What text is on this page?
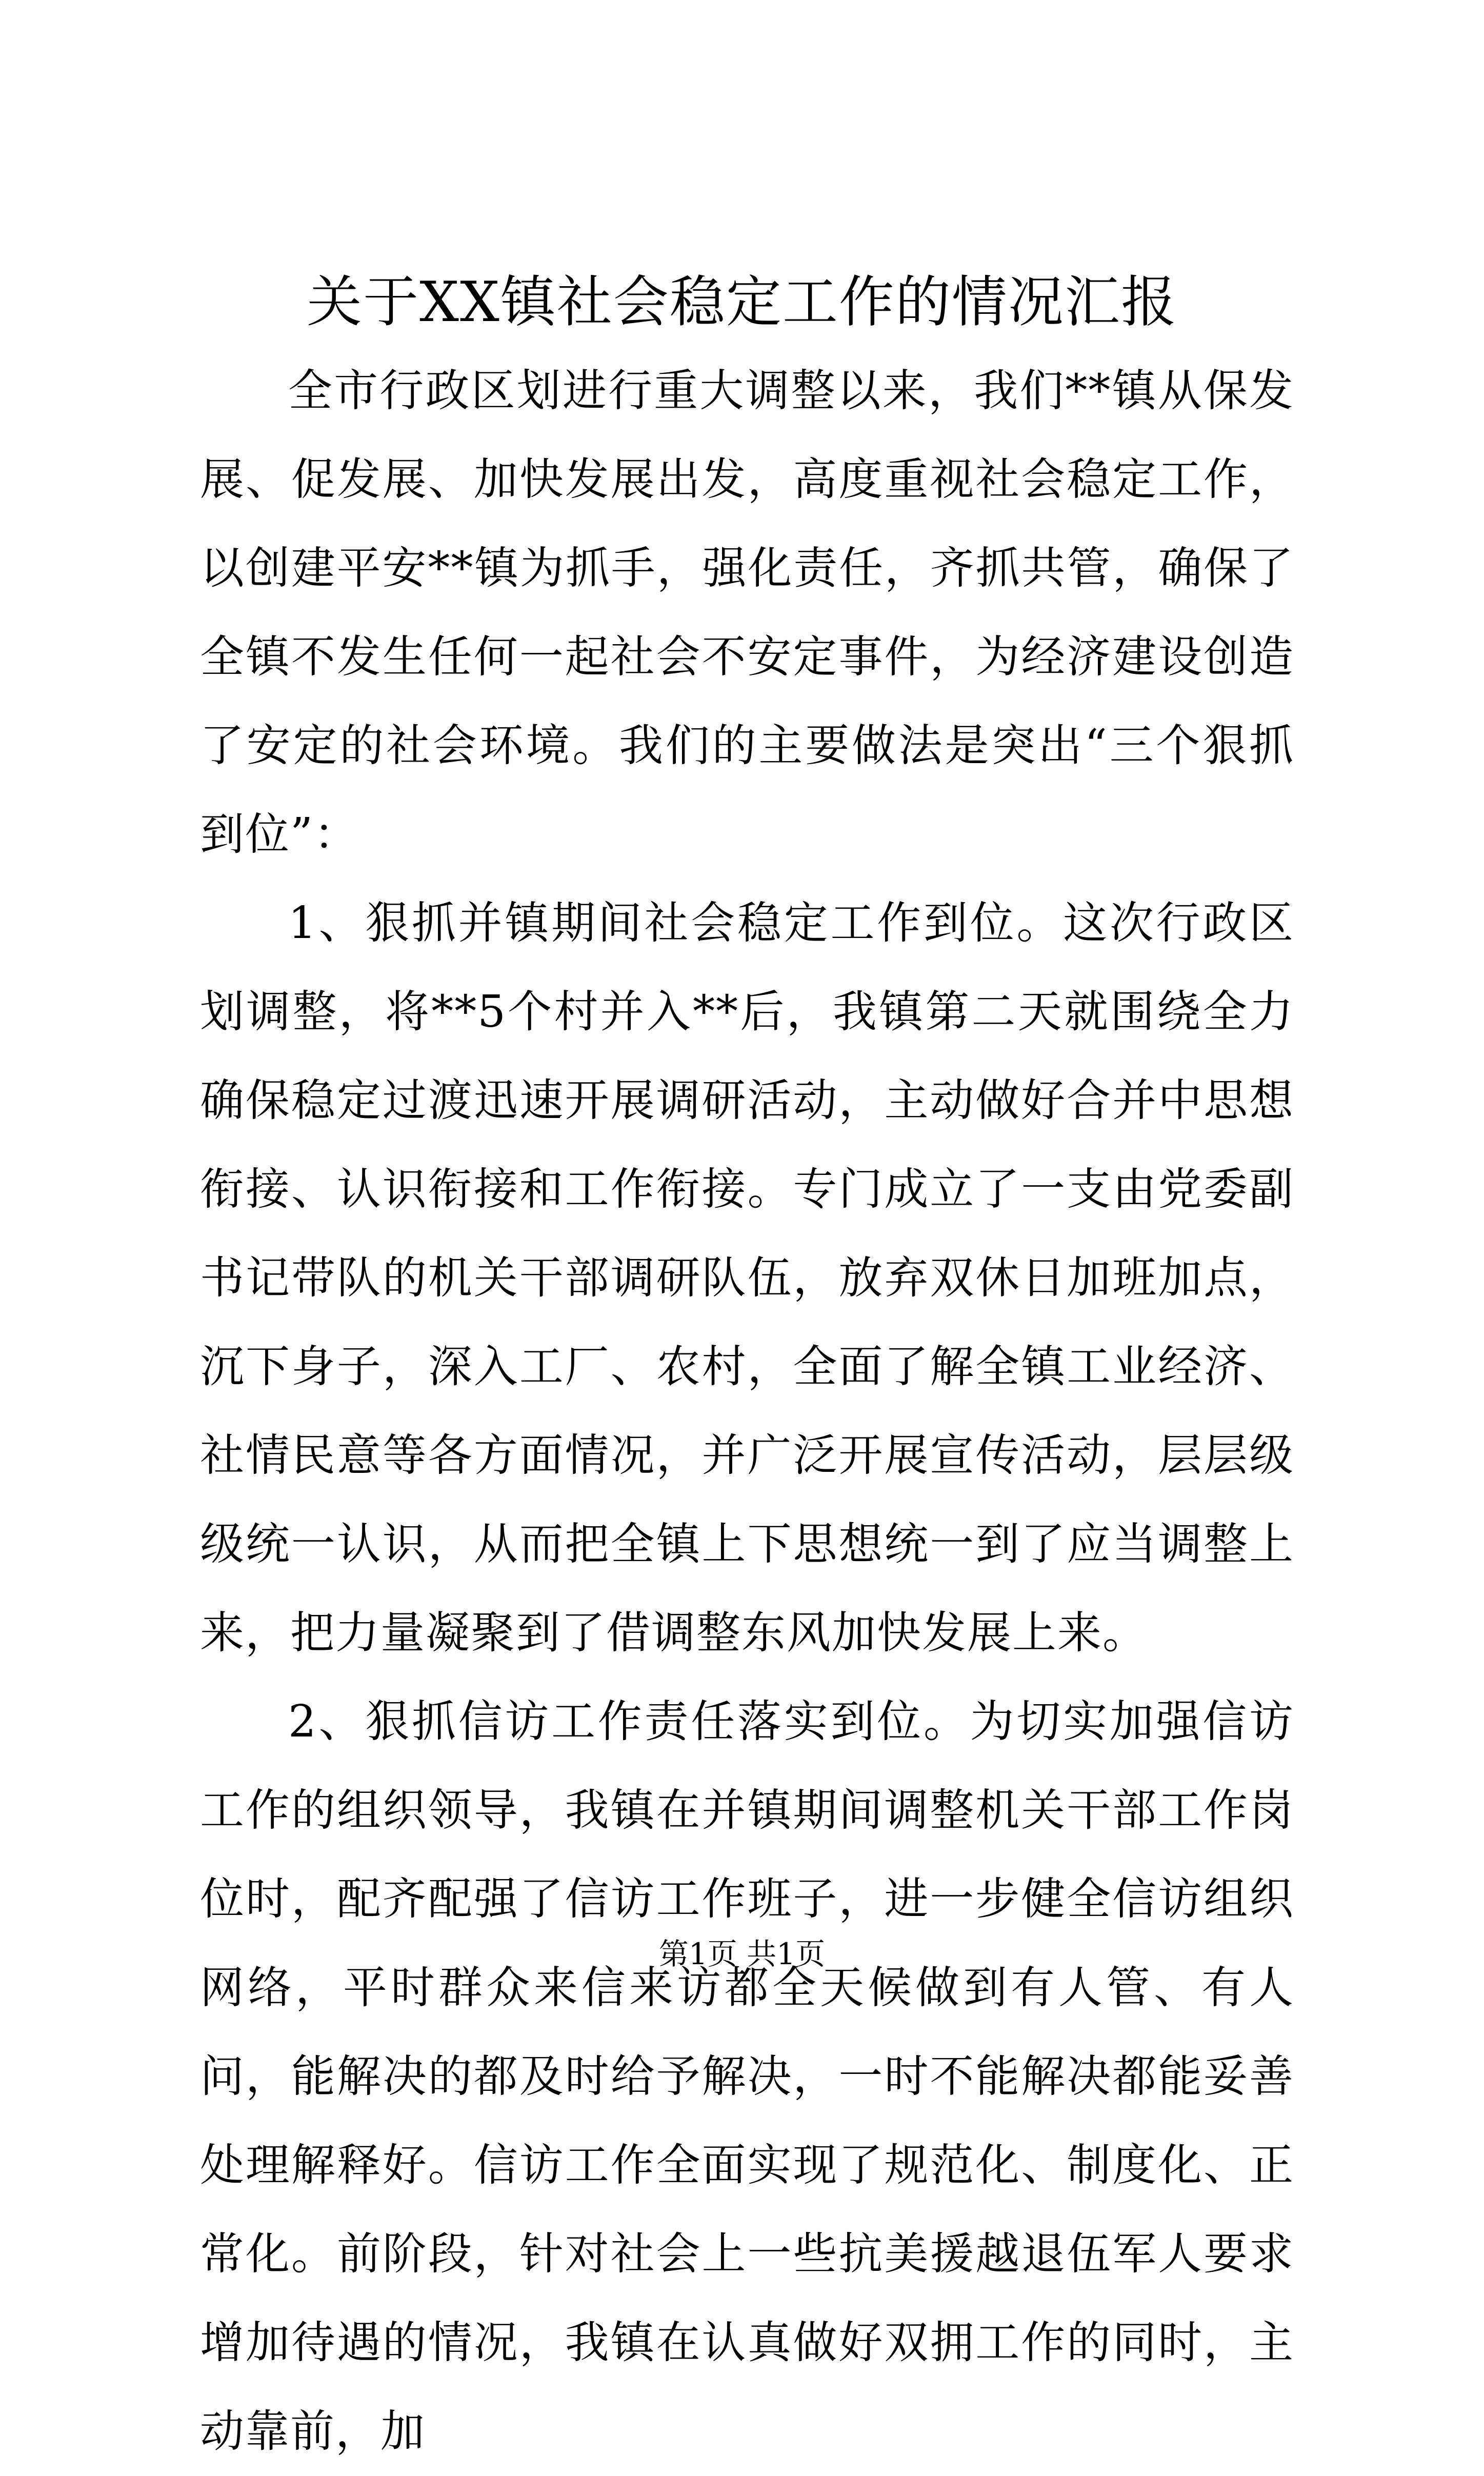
关于XX镇社会稳定工作的情况汇报

全市行政区划进行重大调整以来，我们**镇从保发展、促发展、加快发展出发，高度重视社会稳定工作，以创建平安**镇为抓手，强化责任，齐抓共管，确保了全镇不发生任何一起社会不安定事件，为经济建设创造了安定的社会环境。我们的主要做法是突出“三个狠抓到位”：

1、狠抓并镇期间社会稳定工作到位。这次行政区划调整，将**5个村并入**后，我镇第二天就围绕全力确保稳定过渡迅速开展调研活动，主动做好合并中思想衔接、认识衔接和工作衔接。专门成立了一支由党委副书记带队的机关干部调研队伍，放弃双休日加班加点，沉下身子，深入工厂、农村，全面了解全镇工业经济、社情民意等各方面情况，并广泛开展宣传活动，层层级级统一认识，从而把全镇上下思想统一到了应当调整上来，把力量凝聚到了借调整东风加快发展上来。

2、狠抓信访工作责任落实到位。为切实加强信访工作的组织领导，我镇在并镇期间调整机关干部工作岗位时，配齐配强了信访工作班子，进一步健全信访组织网络，平时群众来信来访都全天候做到有人管、有人问，能解决的都及时给予解决，一时不能解决都能妥善处理解释好。信访工作全面实现了规范化、制度化、正常化。前阶段，针对社会上一些抗美援越退伍军人要求增加待遇的情况，我镇在认真做好双拥工作的同时，主动靠前，加

第1页 共1页
